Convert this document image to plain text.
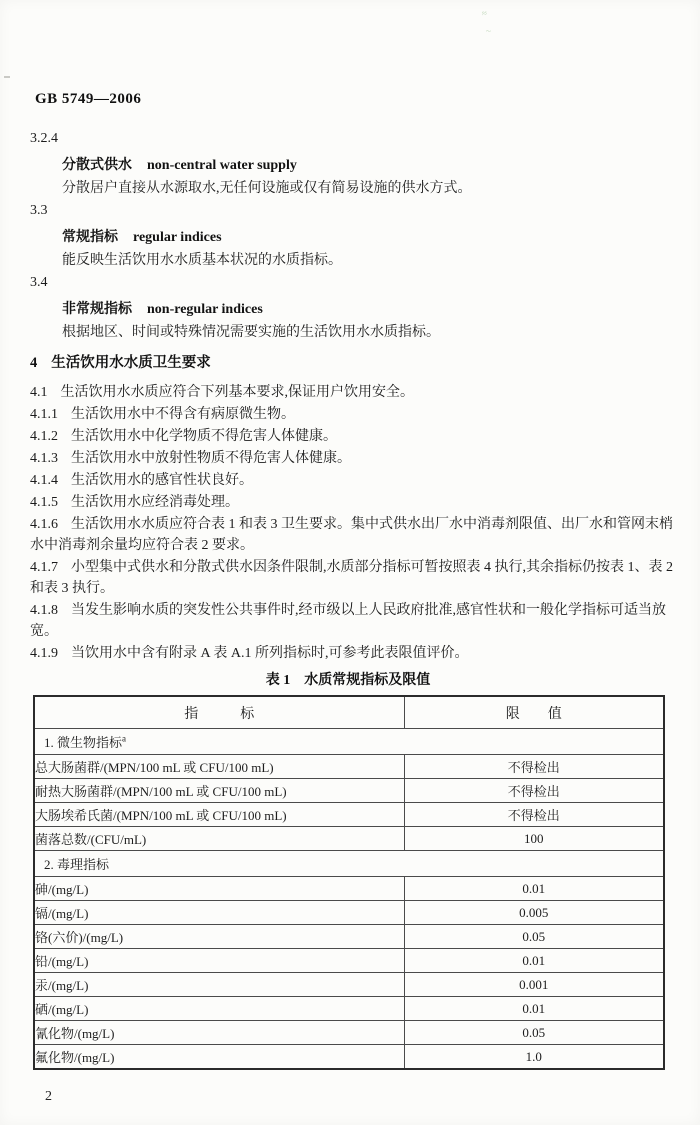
≈
~
GB 5749—2006

3.2.4

分散式供水 non-central water supply

分散居户直接从水源取水,无任何设施或仅有简易设施的供水方式。

3.3

常规指标 regular indices

能反映生活饮用水水质基本状况的水质指标。

3.4

非常规指标 non-regular indices

根据地区、时间或特殊情况需要实施的生活饮用水水质指标。

4 生活饮用水水质卫生要求

4.1 生活饮用水水质应符合下列基本要求,保证用户饮用安全。

4.1.1 生活饮用水中不得含有病原微生物。

4.1.2 生活饮用水中化学物质不得危害人体健康。

4.1.3 生活饮用水中放射性物质不得危害人体健康。

4.1.4 生活饮用水的感官性状良好。

4.1.5 生活饮用水应经消毒处理。

4.1.6 生活饮用水水质应符合表 1 和表 3 卫生要求。集中式供水出厂水中消毒剂限值、出厂水和管网末梢水中消毒剂余量均应符合表 2 要求。

4.1.7 小型集中式供水和分散式供水因条件限制,水质部分指标可暂按照表 4 执行,其余指标仍按表 1、表 2 和表 3 执行。

4.1.8 当发生影响水质的突发性公共事件时,经市级以上人民政府批准,感官性状和一般化学指标可适当放宽。

4.1.9 当饮用水中含有附录 A 表 A.1 所列指标时,可参考此表限值评价。

表 1　水质常规指标及限值

指　　　标	限　　值
1. 微生物指标$^a$
总大肠菌群/(MPN/100 mL 或 CFU/100 mL)	不得检出
耐热大肠菌群/(MPN/100 mL 或 CFU/100 mL)	不得检出
大肠埃希氏菌/(MPN/100 mL 或 CFU/100 mL)	不得检出
菌落总数/(CFU/mL)	100
2. 毒理指标	
砷/(mg/L)	0.01
镉/(mg/L)	0.005
铬(六价)/(mg/L)	0.05
铅/(mg/L)	0.01
汞/(mg/L)	0.001
硒/(mg/L)	0.01
氰化物/(mg/L)	0.05
氟化物/(mg/L)	1.0
2
